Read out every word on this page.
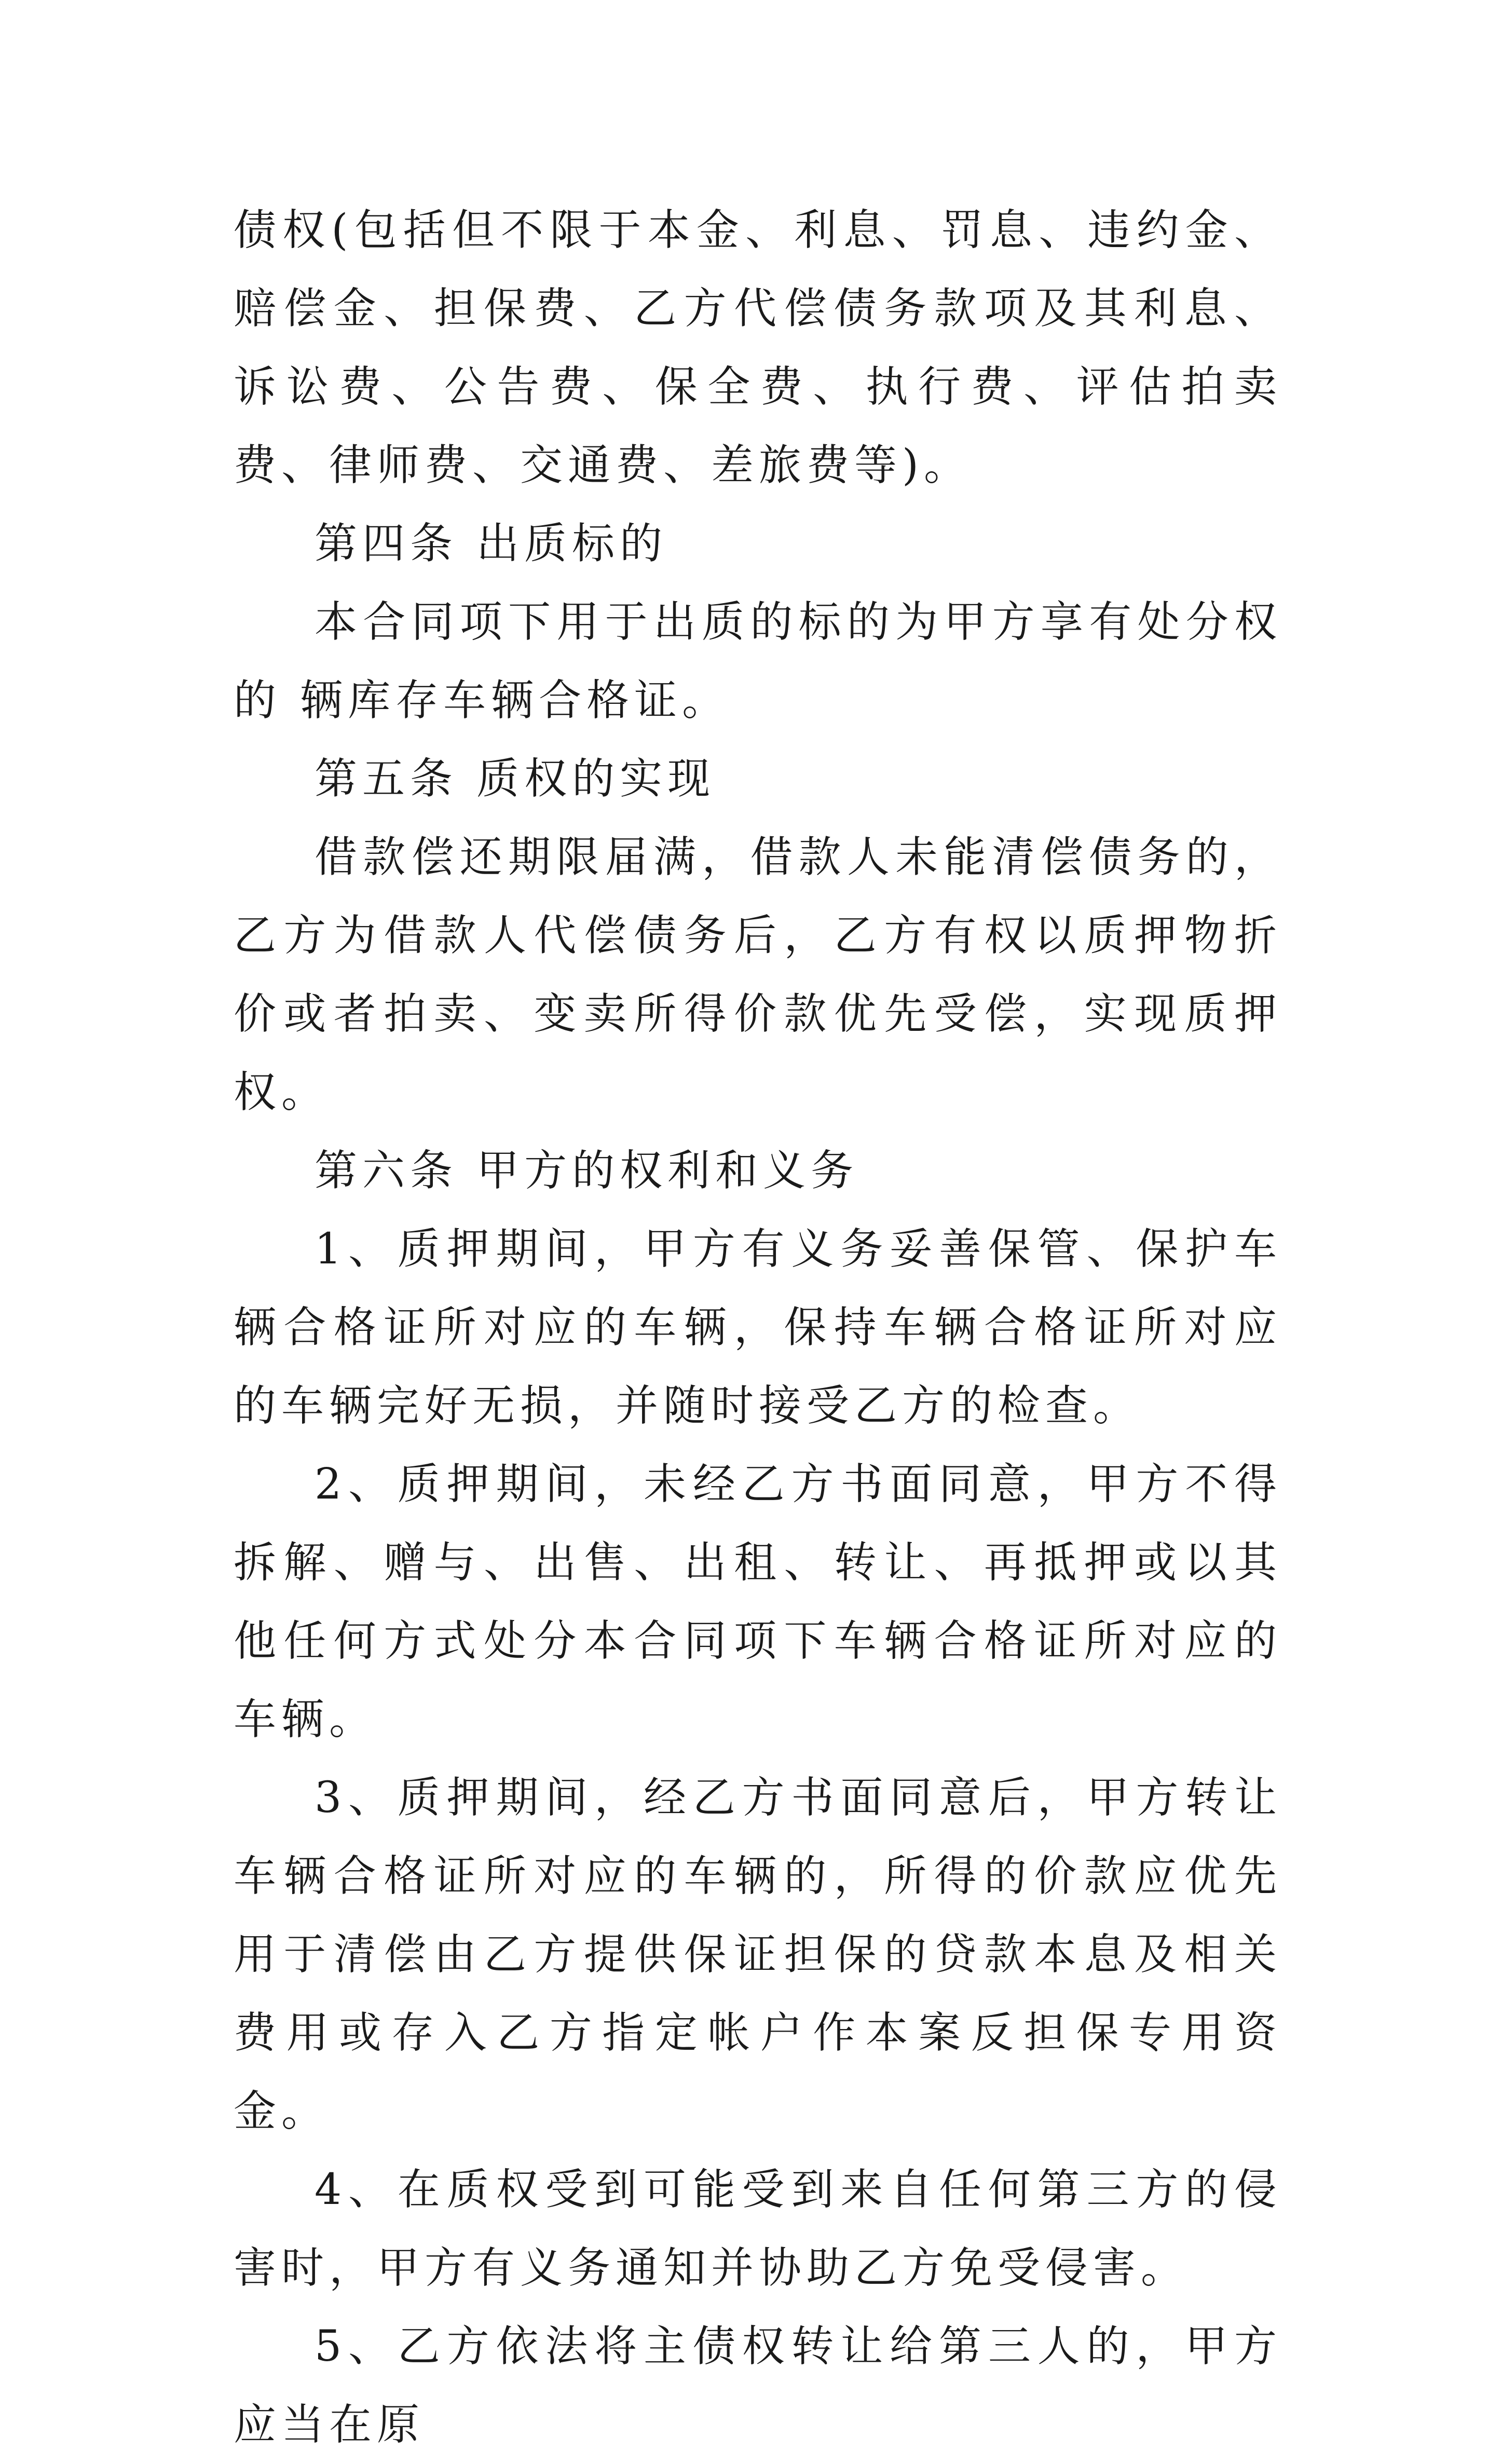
债权(包括但不限于本金、利息、罚息、违约金、赔偿金、担保费、乙方代偿债务款项及其利息、诉讼费、公告费、保全费、执行费、评估拍卖费、律师费、交通费、差旅费等)。

第四条 出质标的

本合同项下用于出质的标的为甲方享有处分权的 辆库存车辆合格证。

第五条 质权的实现

借款偿还期限届满，借款人未能清偿债务的，乙方为借款人代偿债务后，乙方有权以质押物折价或者拍卖、变卖所得价款优先受偿，实现质押权。

第六条 甲方的权利和义务

1、质押期间，甲方有义务妥善保管、保护车辆合格证所对应的车辆，保持车辆合格证所对应的车辆完好无损，并随时接受乙方的检查。

2、质押期间，未经乙方书面同意，甲方不得拆解、赠与、出售、出租、转让、再抵押或以其他任何方式处分本合同项下车辆合格证所对应的车辆。

3、质押期间，经乙方书面同意后，甲方转让车辆合格证所对应的车辆的，所得的价款应优先用于清偿由乙方提供保证担保的贷款本息及相关费用或存入乙方指定帐户作本案反担保专用资金。

4、在质权受到可能受到来自任何第三方的侵害时，甲方有义务通知并协助乙方免受侵害。

5、乙方依法将主债权转让给第三人的，甲方应当在原
